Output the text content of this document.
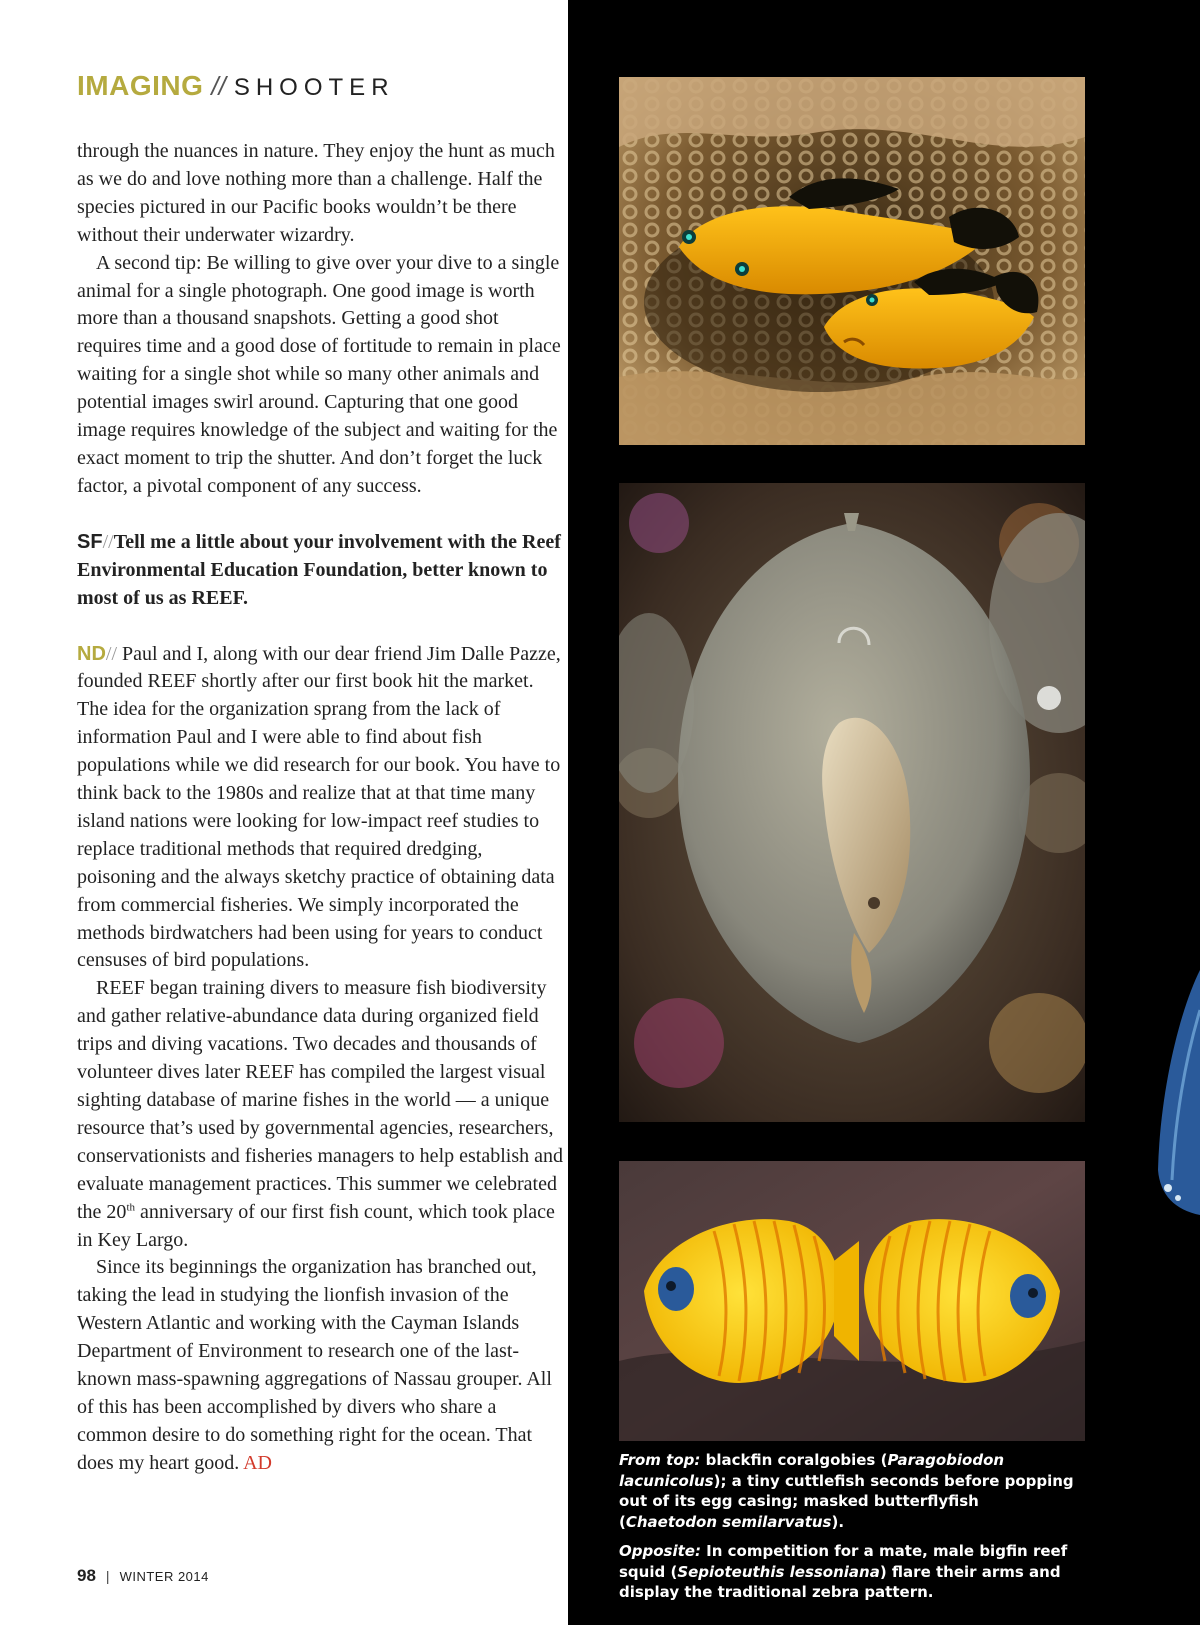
IMAGING // SHOOTER

through the nuances in nature. They enjoy the hunt as much as we do and love nothing more than a challenge. Half the species pictured in our Pacific books wouldn’t be there without their underwater wizardry.

A second tip: Be willing to give over your dive to a single animal for a single photograph. One good image is worth more than a thousand snapshots. Getting a good shot requires time and a good dose of fortitude to remain in place waiting for a single shot while so many other animals and potential images swirl around. Capturing that one good image requires knowledge of the subject and waiting for the exact moment to trip the shutter. And don’t forget the luck factor, a pivotal component of any success.

SF//Tell me a little about your involvement with the Reef Environmental Education Foundation, better known to most of us as REEF.

ND// Paul and I, along with our dear friend Jim Dalle Pazze, founded REEF shortly after our first book hit the market. The idea for the organization sprang from the lack of information Paul and I were able to find about fish populations while we did research for our book. You have to think back to the 1980s and realize that at that time many island nations were looking for low-impact reef studies to replace traditional methods that required dredging, poisoning and the always sketchy practice of obtaining data from commercial fisheries. We simply incorporated the methods birdwatchers had been using for years to conduct censuses of bird populations.

REEF began training divers to measure fish biodiversity and gather relative-abundance data during organized field trips and diving vacations. Two decades and thousands of volunteer dives later REEF has compiled the largest visual sighting database of marine fishes in the world — a unique resource that’s used by governmental agencies, researchers, conservationists and fisheries managers to help establish and evaluate management practices. This summer we celebrated the 20th anniversary of our first fish count, which took place in Key Largo.

Since its beginnings the organization has branched out, taking the lead in studying the lionfish invasion of the Western Atlantic and working with the Cayman Islands Department of Environment to research one of the last-known mass-spawning aggregations of Nassau grouper. All of this has been accomplished by divers who share a common desire to do something right for the ocean. That does my heart good. AD

98 | WINTER 2014

From top: blackfin coralgobies (Paragobiodon lacunicolus); a tiny cuttlefish seconds before popping out of its egg casing; masked butterflyfish (Chaetodon semilarvatus).

Opposite: In competition for a mate, male bigfin reef squid (Sepioteuthis lessoniana) flare their arms and display the traditional zebra pattern.
